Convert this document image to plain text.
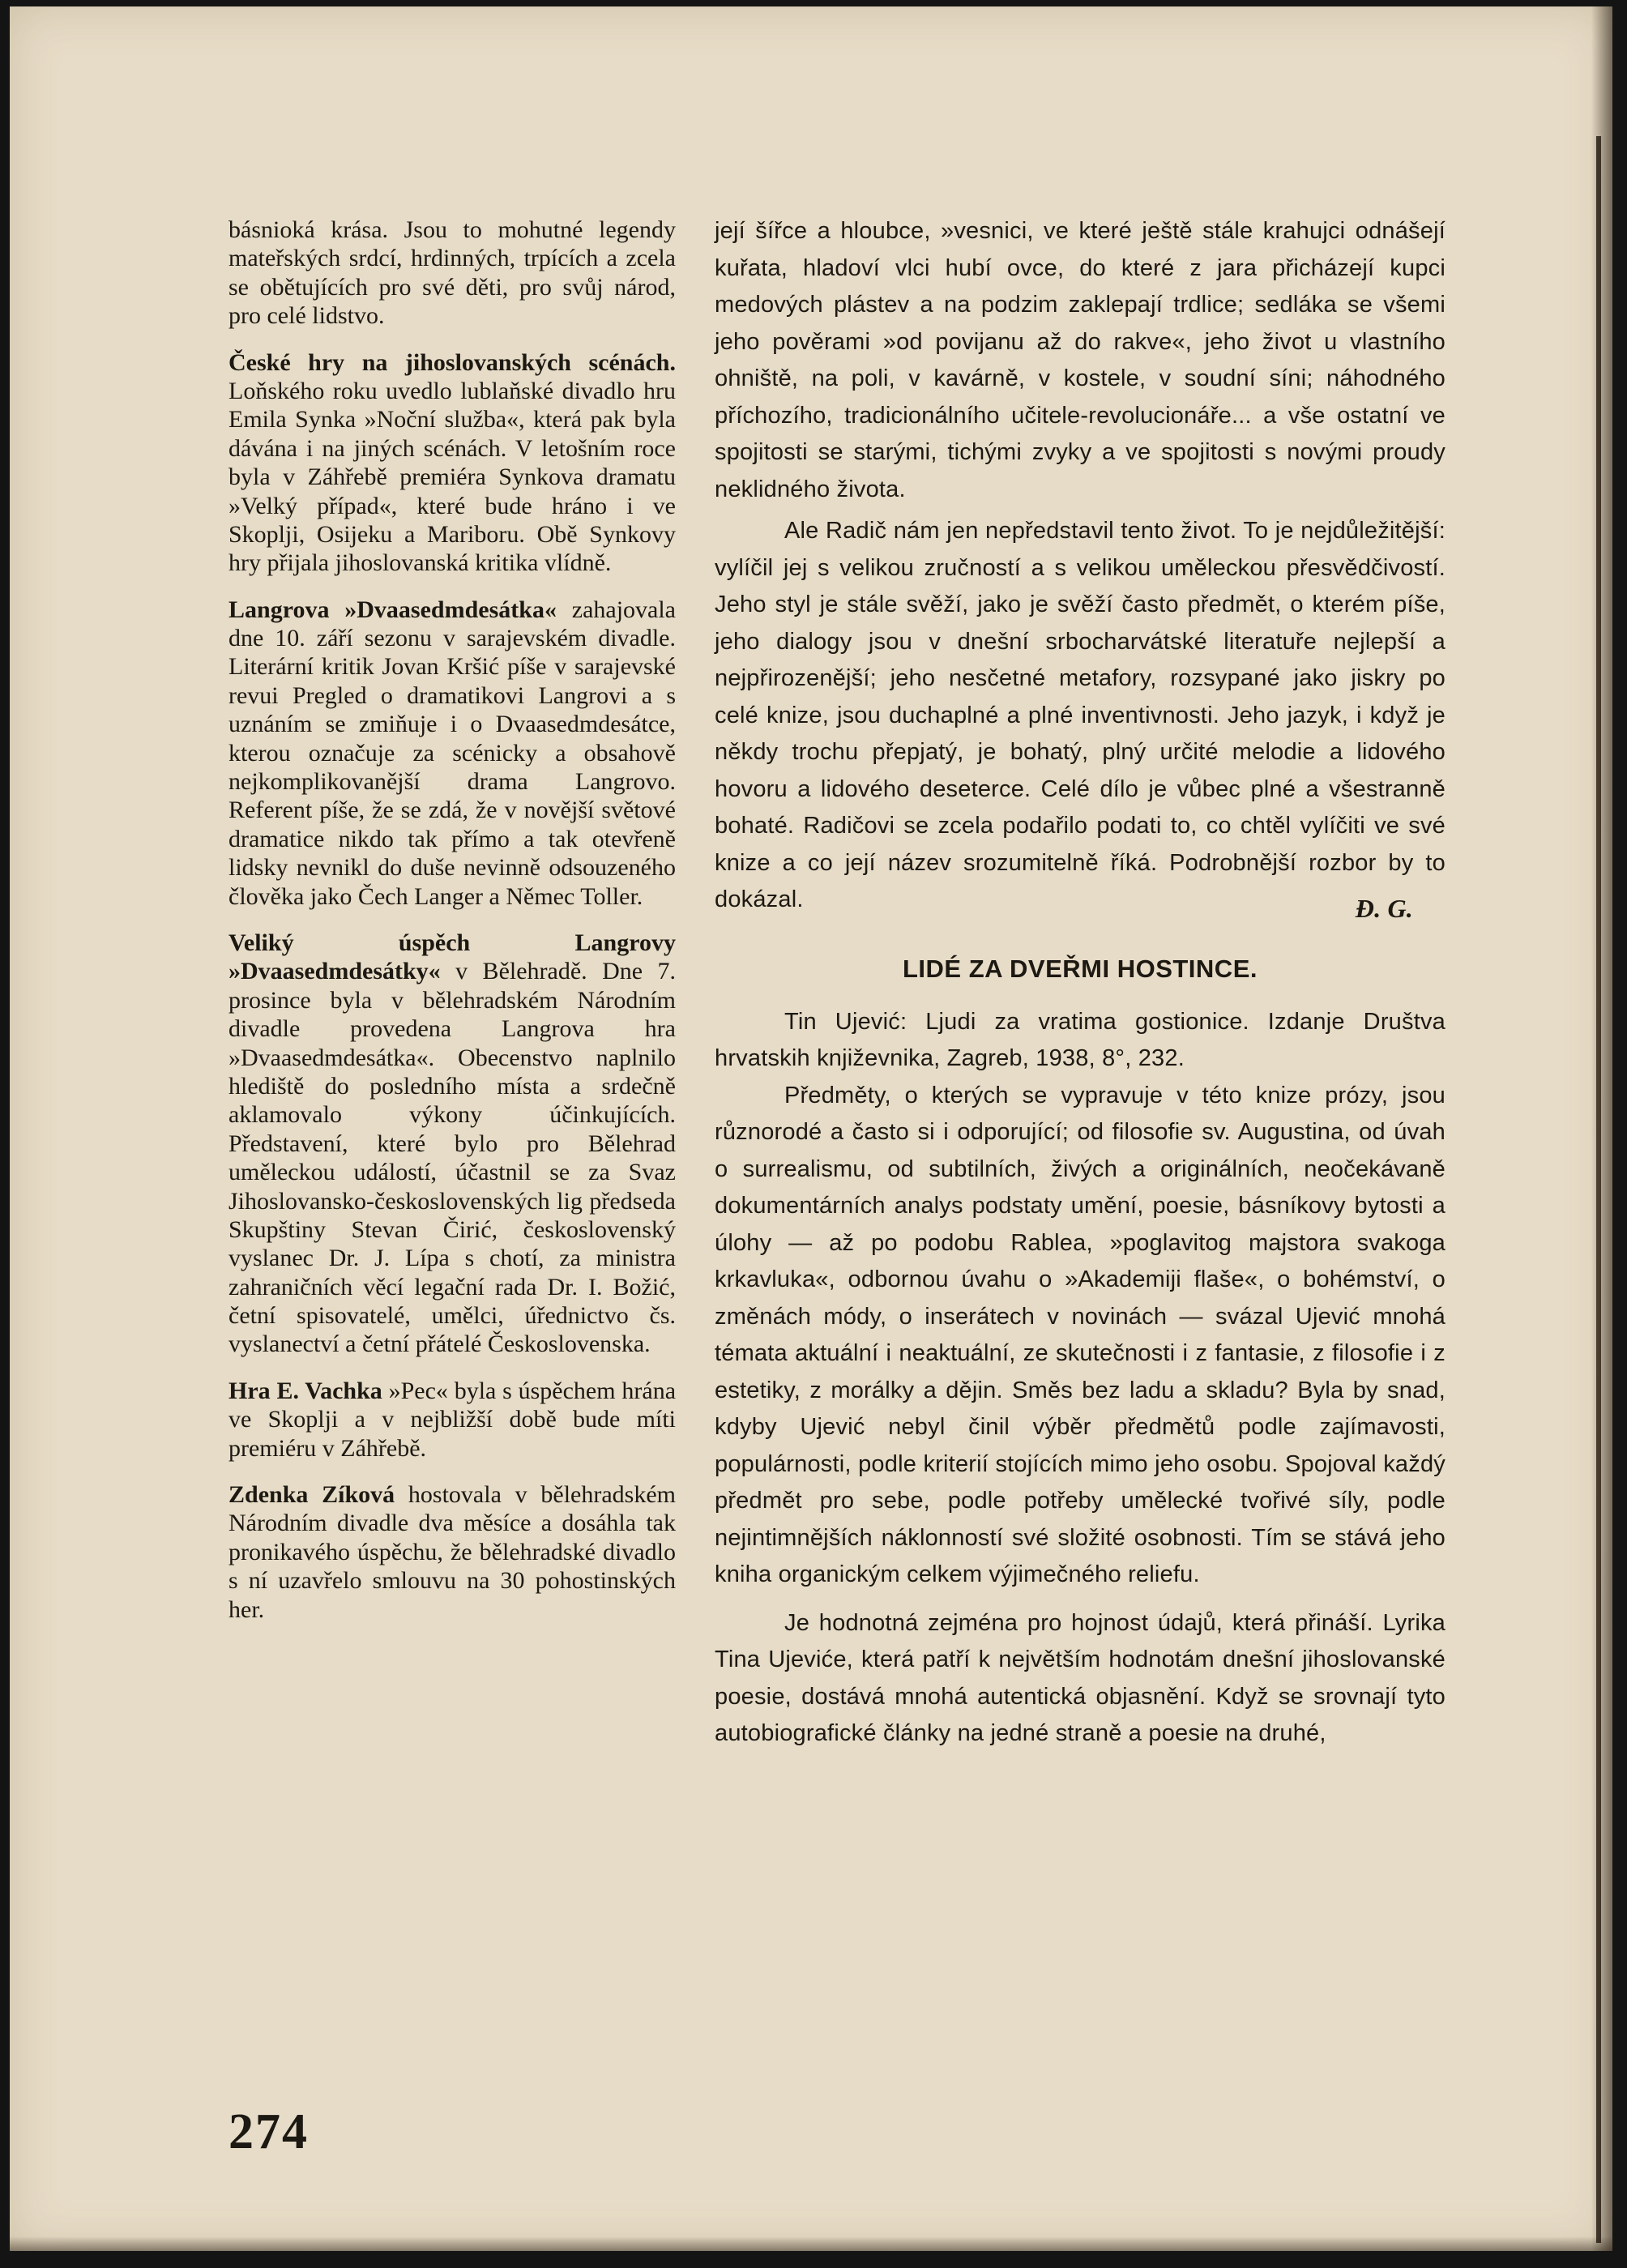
básnioká krása. Jsou to mohutné legendy mateřských srdcí, hrdinných, trpících a zcela se obětujících pro své děti, pro svůj národ, pro celé lidstvo.

České hry na jihoslovanských scénách. Loňského roku uvedlo lublaňské divadlo hru Emila Synka »Noční služba«, která pak byla dávána i na jiných scénách. V letošním roce byla v Záhřebě premiéra Synkova dramatu »Velký případ«, které bude hráno i ve Skoplji, Osijeku a Mariboru. Obě Synkovy hry přijala jihoslovanská kritika vlídně.

Langrova »Dvaasedmdesátka« zahajovala dne 10. září sezonu v sarajevském divadle. Literární kritik Jovan Kršić píše v sarajevské revui Pregled o dramatikovi Langrovi a s uznáním se zmiňuje i o Dvaasedmdesátce, kterou označuje za scénicky a obsahově nejkomplikovanější drama Langrovo. Referent píše, že se zdá, že v novější světové dramatice nikdo tak přímo a tak otevřeně lidsky nevnikl do duše nevinně odsouzeného člověka jako Čech Langer a Němec Toller.

Veliký úspěch Langrovy »Dvaasedmdesátky« v Bělehradě. Dne 7. prosince byla v bělehradském Národním divadle provedena Langrova hra »Dvaasedmdesátka«. Obecenstvo naplnilo hlediště do posledního místa a srdečně aklamovalo výkony účinkujících. Představení, které bylo pro Bělehrad uměleckou událostí, účastnil se za Svaz Jihoslovansko-československých lig předseda Skupštiny Stevan Čirić, československý vyslanec Dr. J. Lípa s chotí, za ministra zahraničních věcí legační rada Dr. I. Božić, četní spisovatelé, umělci, úřednictvo čs. vyslanectví a četní přátelé Československa.

Hra E. Vachka »Pec« byla s úspěchem hrána ve Skoplji a v nejbližší době bude míti premiéru v Záhřebě.

Zdenka Zíková hostovala v bělehradském Národním divadle dva měsíce a dosáhla tak pronikavého úspěchu, že bělehradské divadlo s ní uzavřelo smlouvu na 30 pohostinských her.

její šířce a hloubce, »vesnici, ve které ještě stále krahujci odnášejí kuřata, hladoví vlci hubí ovce, do které z jara přicházejí kupci medových plástev a na podzim zaklepají trdlice; sedláka se všemi jeho pověrami »od povijanu až do rakve«, jeho život u vlastního ohniště, na poli, v kavárně, v kostele, v soudní síni; náhodného příchozího, tradicionálního učitele-revolucionáře... a vše ostatní ve spojitosti se starými, tichými zvyky a ve spojitosti s novými proudy neklidného života.

Ale Radič nám jen nepředstavil tento život. To je nejdůležitější: vylíčil jej s velikou zručností a s velikou uměleckou přesvědčivostí. Jeho styl je stále svěží, jako je svěží často předmět, o kterém píše, jeho dialogy jsou v dnešní srbocharvátské literatuře nejlepší a nejpřirozenější; jeho nesčetné metafory, rozsypané jako jiskry po celé knize, jsou duchaplné a plné inventivnosti. Jeho jazyk, i když je někdy trochu přepjatý, je bohatý, plný určité melodie a lidového hovoru a lidového deseterce. Celé dílo je vůbec plné a všestranně bohaté. Radičovi se zcela podařilo podati to, co chtěl vylíčiti ve své knize a co její název srozumitelně říká. Podrobnější rozbor by to dokázal.	Đ. G.
LIDÉ ZA DVEŘMI HOSTINCE.

Tin Ujević: Ljudi za vratima gostionice. Izdanje Društva hrvatskih književnika, Zagreb, 1938, 8°, 232.

Předměty, o kterých se vypravuje v této knize prózy, jsou různorodé a často si i odporující; od filosofie sv. Augustina, od úvah o surrealismu, od subtilních, živých a originálních, neočekávaně dokumentárních analys podstaty umění, poesie, básníkovy bytosti a úlohy — až po podobu Rablea, »poglavitog majstora svakoga krkavluka«, odbornou úvahu o »Akademiji flaše«, o bohémství, o změnách módy, o inserátech v novinách — svázal Ujević mnohá témata aktuální i neaktuální, ze skutečnosti i z fantasie, z filosofie i z estetiky, z morálky a dějin. Směs bez ladu a skladu? Byla by snad, kdyby Ujević nebyl činil výběr předmětů podle zajímavosti, populárnosti, podle kriterií stojících mimo jeho osobu. Spojoval každý předmět pro sebe, podle potřeby umělecké tvořivé síly, podle nejintimnějších náklonností své složité osobnosti. Tím se stává jeho kniha organickým celkem výjimečného reliefu.

Je hodnotná zejména pro hojnost údajů, která přináší. Lyrika Tina Ujeviće, která patří k největším hodnotám dnešní jihoslovanské poesie, dostává mnohá autentická objasnění. Když se srovnají tyto autobiografické články na jedné straně a poesie na druhé,

274
